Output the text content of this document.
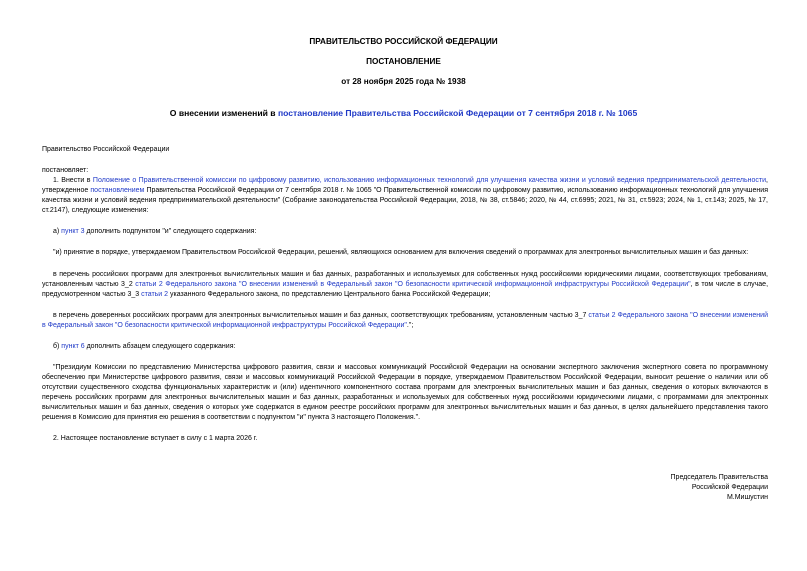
ПРАВИТЕЛЬСТВО РОССИЙСКОЙ ФЕДЕРАЦИИ
ПОСТАНОВЛЕНИЕ
от 28 ноября 2025 года № 1938
О внесении изменений в постановление Правительства Российской Федерации от 7 сентября 2018 г. № 1065
Правительство Российской Федерации
постановляет:
1. Внести в Положение о Правительственной комиссии по цифровому развитию, использованию информационных технологий для улучшения качества жизни и условий ведения предпринимательской деятельности, утвержденное постановлением Правительства Российской Федерации от 7 сентября 2018 г. № 1065 "О Правительственной комиссии по цифровому развитию, использованию информационных технологий для улучшения качества жизни и условий ведения предпринимательской деятельности" (Собрание законодательства Российской Федерации, 2018, № 38, ст.5846; 2020, № 44, ст.6995; 2021, № 31, ст.5923; 2024, № 1, ст.143; 2025, № 17, ст.2147), следующие изменения:
а) пункт 3 дополнить подпунктом "и" следующего содержания:
"и) принятие в порядке, утверждаемом Правительством Российской Федерации, решений, являющихся основанием для включения сведений о программах для электронных вычислительных машин и баз данных:
в перечень российских программ для электронных вычислительных машин и баз данных, разработанных и используемых для собственных нужд российскими юридическими лицами, соответствующих требованиям, установленным частью 3_2 статьи 2 Федерального закона "О внесении изменений в Федеральный закон "О безопасности критической информационной инфраструктуры Российской Федерации", в том числе в случае, предусмотренном частью 3_3 статьи 2 указанного Федерального закона, по представлению Центрального банка Российской Федерации;
в перечень доверенных российских программ для электронных вычислительных машин и баз данных, соответствующих требованиям, установленным частью 3_7 статьи 2 Федерального закона "О внесении изменений в Федеральный закон "О безопасности критической информационной инфраструктуры Российской Федерации".";
б) пункт 6 дополнить абзацем следующего содержания:
"Президиум Комиссии по представлению Министерства цифрового развития, связи и массовых коммуникаций Российской Федерации на основании экспертного заключения экспертного совета по программному обеспечению при Министерстве цифрового развития, связи и массовых коммуникаций Российской Федерации в порядке, утверждаемом Правительством Российской Федерации, выносит решение о наличии или об отсутствии существенного сходства функциональных характеристик и (или) идентичного компонентного состава программ для электронных вычислительных машин и баз данных, сведения о которых включаются в перечень российских программ для электронных вычислительных машин и баз данных, разработанных и используемых для собственных нужд российскими юридическими лицами, с программами для электронных вычислительных машин и баз данных, сведения о которых уже содержатся в едином реестре российских программ для электронных вычислительных машин и баз данных, в целях дальнейшего представления такого решения в Комиссию для принятия ею решения в соответствии с подпунктом "и" пункта 3 настоящего Положения.".
2. Настоящее постановление вступает в силу с 1 марта 2026 г.
Председатель Правительства
Российской Федерации
М.Мишустин
